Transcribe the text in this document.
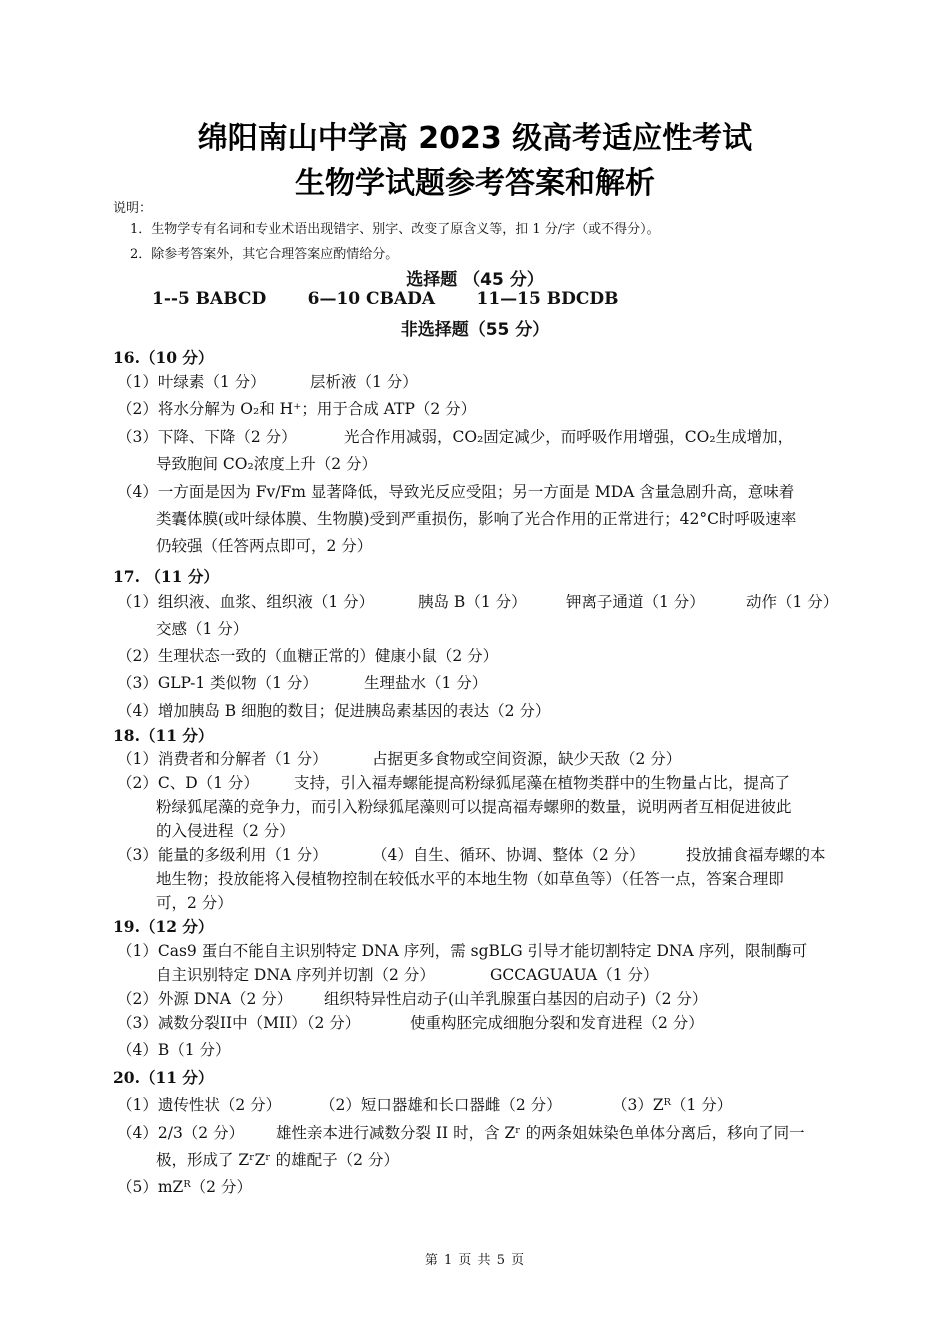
绵阳南山中学高 2023 级高考适应性考试
生物学试题参考答案和解析
说明：
1．生物学专有名词和专业术语出现错字、别字、改变了原含义等，扣 1 分/字（或不得分）。
2．除参考答案外，其它合理答案应酌情给分。
选择题 （45 分）
1--5 BABCD       6—10 CBADA       11—15 BDCDB
非选择题（55 分）
16.（10 分）
（1）叶绿素（1 分）	层析液（1 分）
（2）将水分解为 O₂和 H⁺；用于合成 ATP（2 分）
（3）下降、下降（2 分）	光合作用减弱，CO₂固定减少，而呼吸作用增强，CO₂生成增加，
导致胞间 CO₂浓度上升（2 分）
（4）一方面是因为 Fv/Fm 显著降低，导致光反应受阻；另一方面是 MDA 含量急剧升高，意味着
类囊体膜(或叶绿体膜、生物膜)受到严重损伤，影响了光合作用的正常进行；42°C时呼吸速率
仍较强（任答两点即可，2 分）
17. （11 分）
（1）组织液、血浆、组织液（1 分）	胰岛 B（1 分）	钾离子通道（1 分）	动作（1 分）
交感（1 分）
（2）生理状态一致的（血糖正常的）健康小鼠（2 分）
（3）GLP-1 类似物（1 分）	生理盐水（1 分）
（4）增加胰岛 B 细胞的数目；促进胰岛素基因的表达（2 分）
18.（11 分）
（1）消费者和分解者（1 分）	占据更多食物或空间资源，缺少天敌（2 分）
（2）C、D（1 分） 支持，引入福寿螺能提高粉绿狐尾藻在植物类群中的生物量占比，提高了
粉绿狐尾藻的竞争力，而引入粉绿狐尾藻则可以提高福寿螺卵的数量，说明两者互相促进彼此
的入侵进程（2 分）
（3）能量的多级利用（1 分）	（4）自生、循环、协调、整体（2 分）	投放捕食福寿螺的本
地生物；投放能将入侵植物控制在较低水平的本地生物（如草鱼等）（任答一点，答案合理即
可，2 分）
19.（12 分）
（1）Cas9 蛋白不能自主识别特定 DNA 序列，需 sgBLG 引导才能切割特定 DNA 序列，限制酶可
自主识别特定 DNA 序列并切割（2 分）	GCCAGUAUA（1 分）
（2）外源 DNA（2 分） 组织特异性启动子(山羊乳腺蛋白基因的启动子)（2 分）
（3）减数分裂II中（MII）（2 分）	使重构胚完成细胞分裂和发育进程（2 分）
（4）B（1 分）
20.（11 分）
（1）遗传性状（2 分）	（2）短口器雄和长口器雌（2 分）	（3）Zᴿ（1 分）
（4）2/3（2 分） 雄性亲本进行减数分裂 II 时，含 Zʳ 的两条姐妹染色单体分离后，移向了同一
极，形成了 ZʳZʳ 的雄配子（2 分）
（5）mZᴿ（2 分）
第 1 页 共 5 页
